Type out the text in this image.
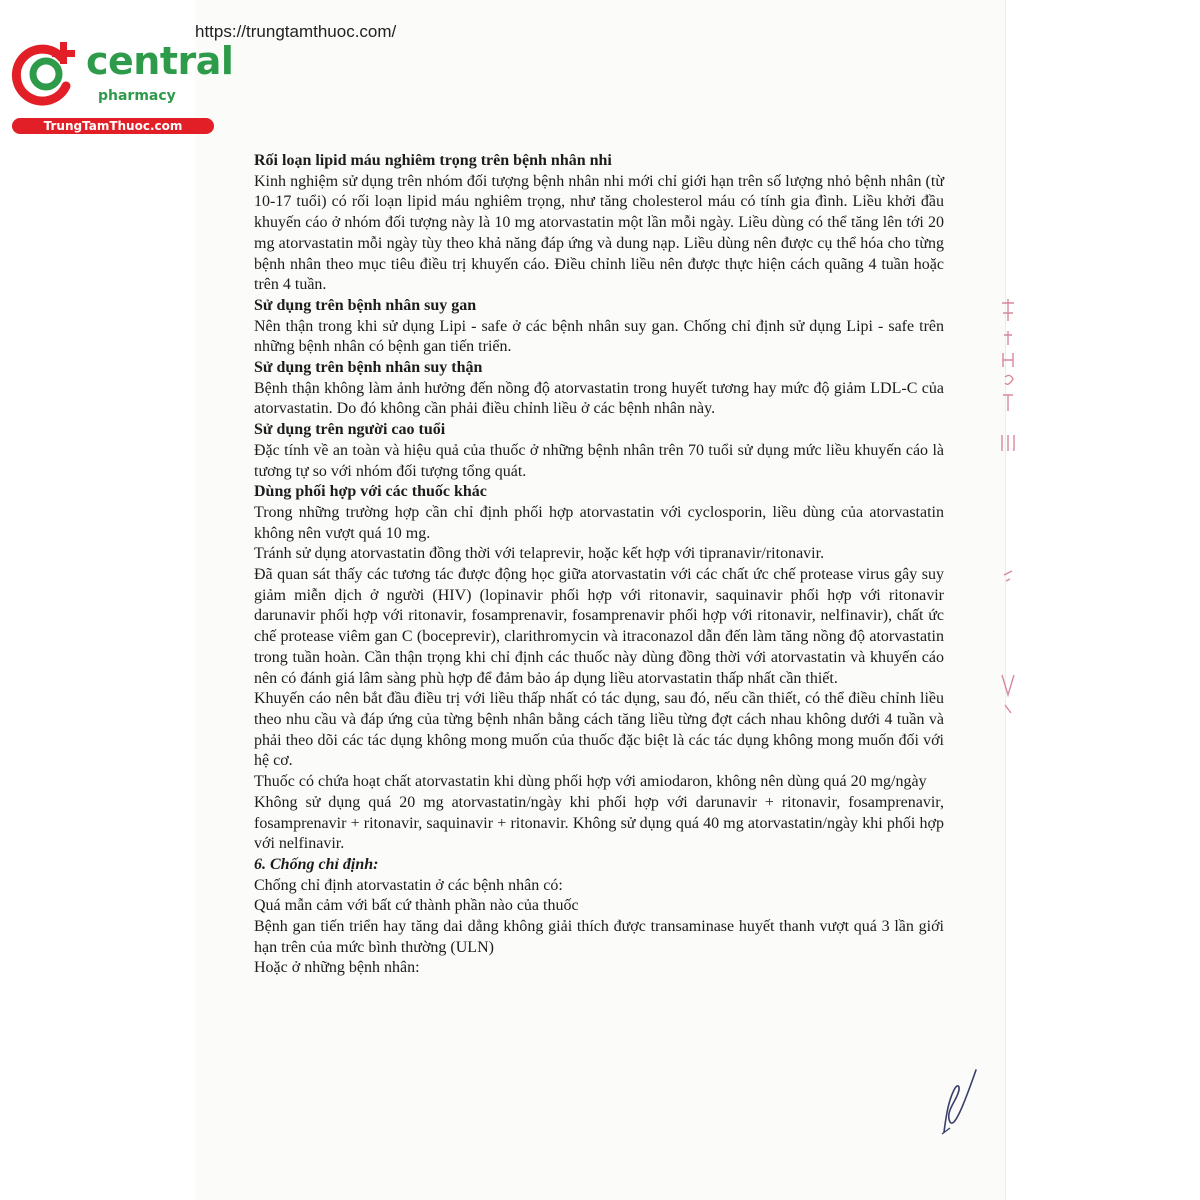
https://trungtamthuoc.com/
central
pharmacy
TrungTamThuoc.com

Rối loạn lipid máu nghiêm trọng trên bệnh nhân nhi

Kinh nghiệm sử dụng trên nhóm đối tượng bệnh nhân nhi mới chỉ giới hạn trên số lượng nhỏ bệnh nhân (từ 10-17 tuổi) có rối loạn lipid máu nghiêm trọng, như tăng cholesterol máu có tính gia đình. Liều khởi đầu khuyến cáo ở nhóm đối tượng này là 10 mg atorvastatin một lần mỗi ngày. Liều dùng có thể tăng lên tới 20 mg atorvastatin mỗi ngày tùy theo khả năng đáp ứng và dung nạp. Liều dùng nên được cụ thể hóa cho từng bệnh nhân theo mục tiêu điều trị khuyến cáo. Điều chỉnh liều nên được thực hiện cách quãng 4 tuần hoặc trên 4 tuần.

Sử dụng trên bệnh nhân suy gan

Nên thận trong khi sử dụng Lipi - safe ở các bệnh nhân suy gan. Chống chỉ định sử dụng Lipi - safe trên những bệnh nhân có bệnh gan tiến triển.

Sử dụng trên bệnh nhân suy thận

Bệnh thận không làm ảnh hưởng đến nồng độ atorvastatin trong huyết tương hay mức độ giảm LDL-C của atorvastatin. Do đó không cần phải điều chỉnh liều ở các bệnh nhân này.

Sử dụng trên người cao tuổi

Đặc tính về an toàn và hiệu quả của thuốc ở những bệnh nhân trên 70 tuổi sử dụng mức liều khuyến cáo là tương tự so với nhóm đối tượng tổng quát.

Dùng phối hợp với các thuốc khác

Trong những trường hợp cần chỉ định phối hợp atorvastatin với cyclosporin, liều dùng của atorvastatin không nên vượt quá 10 mg.

Tránh sử dụng atorvastatin đồng thời với telaprevir, hoặc kết hợp với tipranavir/ritonavir.

Đã quan sát thấy các tương tác được động học giữa atorvastatin với các chất ức chế protease virus gây suy giảm miễn dịch ở người (HIV) (lopinavir phối hợp với ritonavir, saquinavir phối hợp với ritonavir darunavir phối hợp với ritonavir, fosamprenavir, fosamprenavir phối hợp với ritonavir, nelfinavir), chất ức chế protease viêm gan C (boceprevir), clarithromycin và itraconazol dẫn đến làm tăng nồng độ atorvastatin trong tuần hoàn. Cần thận trọng khi chỉ định các thuốc này dùng đồng thời với atorvastatin và khuyến cáo nên có đánh giá lâm sàng phù hợp để đảm bảo áp dụng liều atorvastatin thấp nhất cần thiết.

Khuyến cáo nên bắt đầu điều trị với liều thấp nhất có tác dụng, sau đó, nếu cần thiết, có thể điều chỉnh liều theo nhu cầu và đáp ứng của từng bệnh nhân bằng cách tăng liều từng đợt cách nhau không dưới 4 tuần và phải theo dõi các tác dụng không mong muốn của thuốc đặc biệt là các tác dụng không mong muốn đối với hệ cơ.

Thuốc có chứa hoạt chất atorvastatin khi dùng phối hợp với amiodaron, không nên dùng quá 20 mg/ngày

Không sử dụng quá 20 mg atorvastatin/ngày khi phối hợp với darunavir + ritonavir, fosamprenavir, fosamprenavir + ritonavir, saquinavir + ritonavir. Không sử dụng quá 40 mg atorvastatin/ngày khi phối hợp với nelfinavir.

6. Chống chỉ định:

Chống chỉ định atorvastatin ở các bệnh nhân có:

Quá mẫn cảm với bất cứ thành phần nào của thuốc

Bệnh gan tiến triển hay tăng dai dẳng không giải thích được transaminase huyết thanh vượt quá 3 lần giới hạn trên của mức bình thường (ULN)

Hoặc ở những bệnh nhân:
